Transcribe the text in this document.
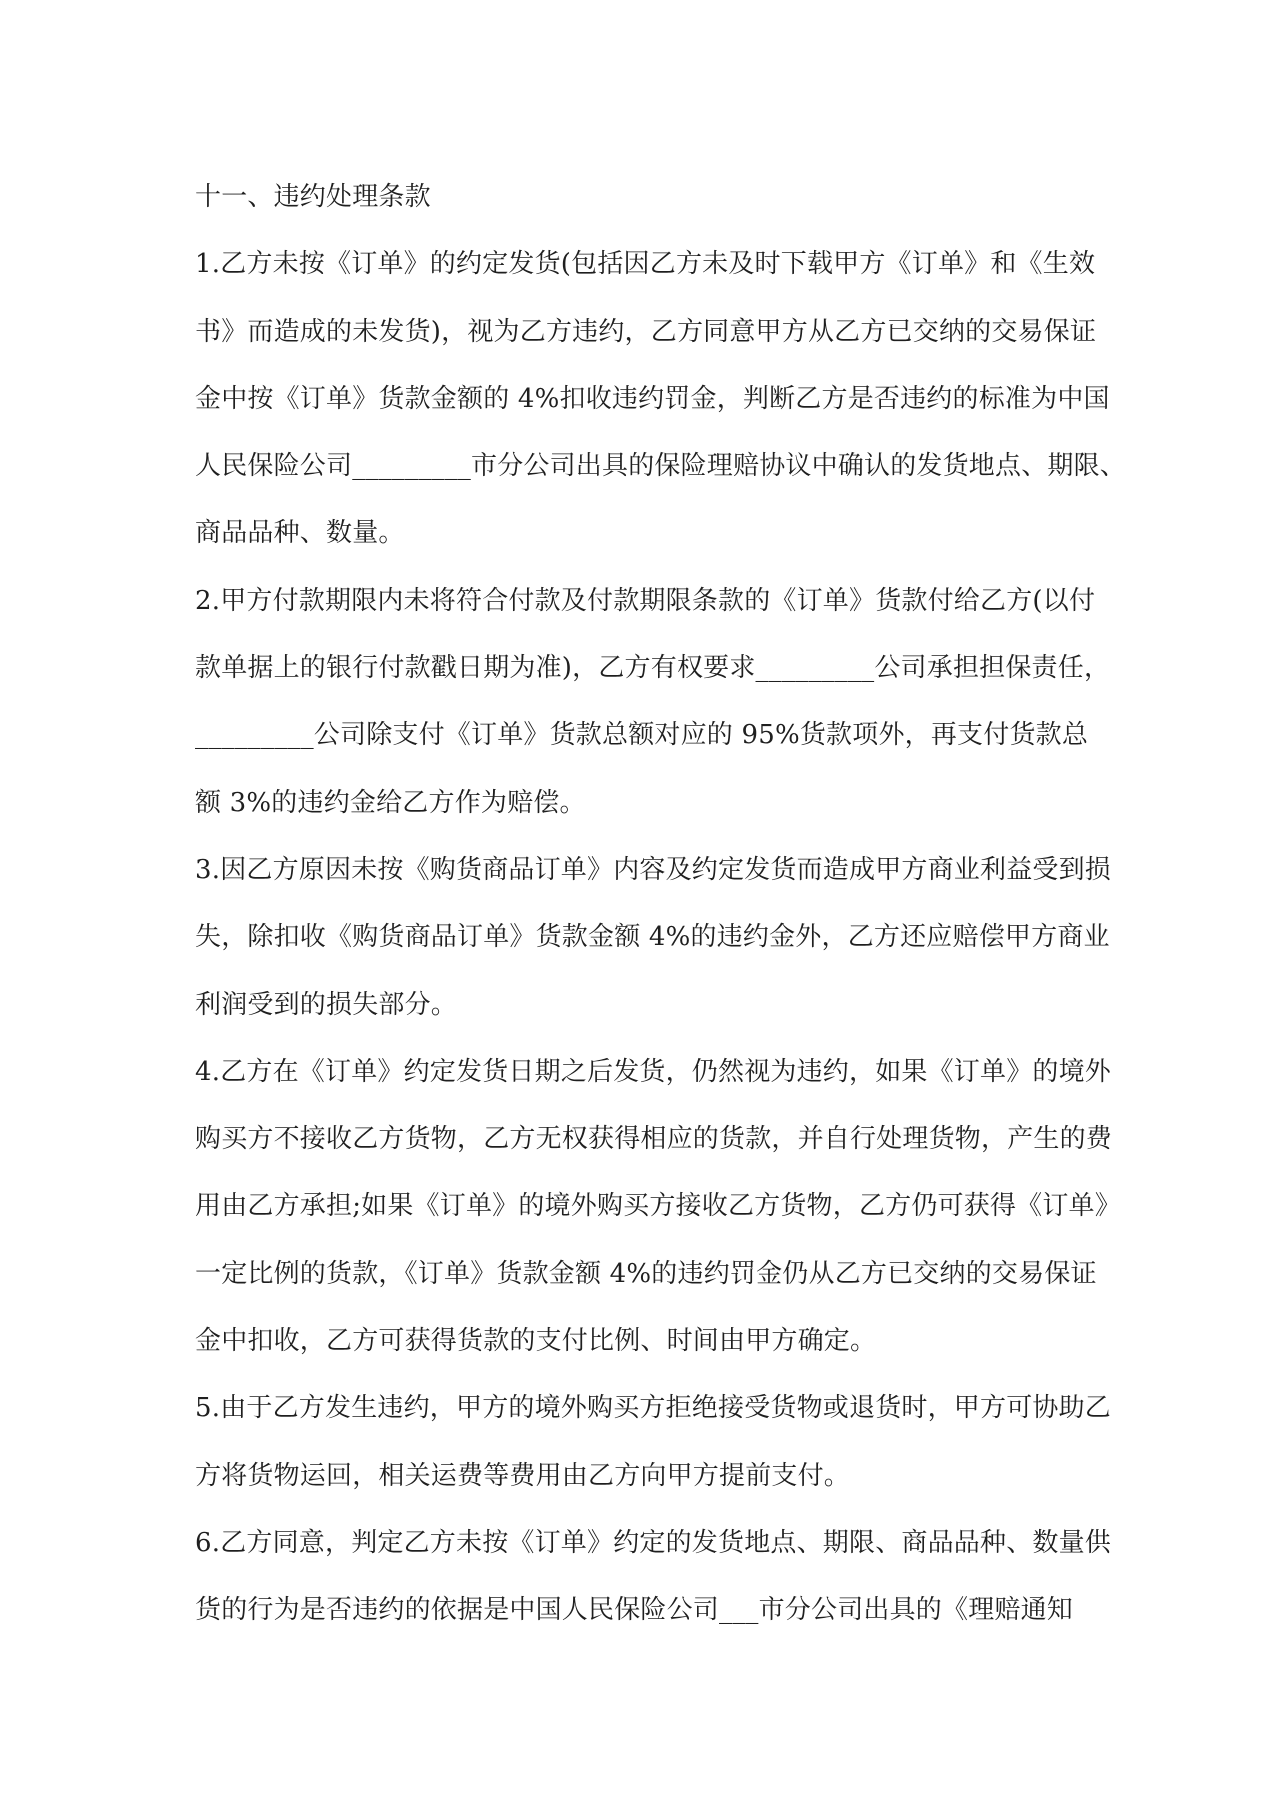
十一、违约处理条款
1.乙方未按《订单》的约定发货(包括因乙方未及时下载甲方《订单》和《生效
书》而造成的未发货)，视为乙方违约，乙方同意甲方从乙方已交纳的交易保证
金中按《订单》货款金额的 4%扣收违约罚金，判断乙方是否违约的标准为中国
人民保险公司_________市分公司出具的保险理赔协议中确认的发货地点、期限、
商品品种、数量。
2.甲方付款期限内未将符合付款及付款期限条款的《订单》货款付给乙方(以付
款单据上的银行付款戳日期为准)，乙方有权要求_________公司承担担保责任，
_________公司除支付《订单》货款总额对应的 95%货款项外，再支付货款总
额 3%的违约金给乙方作为赔偿。
3.因乙方原因未按《购货商品订单》内容及约定发货而造成甲方商业利益受到损
失，除扣收《购货商品订单》货款金额 4%的违约金外，乙方还应赔偿甲方商业
利润受到的损失部分。
4.乙方在《订单》约定发货日期之后发货，仍然视为违约，如果《订单》的境外
购买方不接收乙方货物，乙方无权获得相应的货款，并自行处理货物，产生的费
用由乙方承担;如果《订单》的境外购买方接收乙方货物，乙方仍可获得《订单》
一定比例的货款，《订单》货款金额 4%的违约罚金仍从乙方已交纳的交易保证
金中扣收，乙方可获得货款的支付比例、时间由甲方确定。
5.由于乙方发生违约，甲方的境外购买方拒绝接受货物或退货时，甲方可协助乙
方将货物运回，相关运费等费用由乙方向甲方提前支付。
6.乙方同意，判定乙方未按《订单》约定的发货地点、期限、商品品种、数量供
货的行为是否违约的依据是中国人民保险公司___市分公司出具的《理赔通知
